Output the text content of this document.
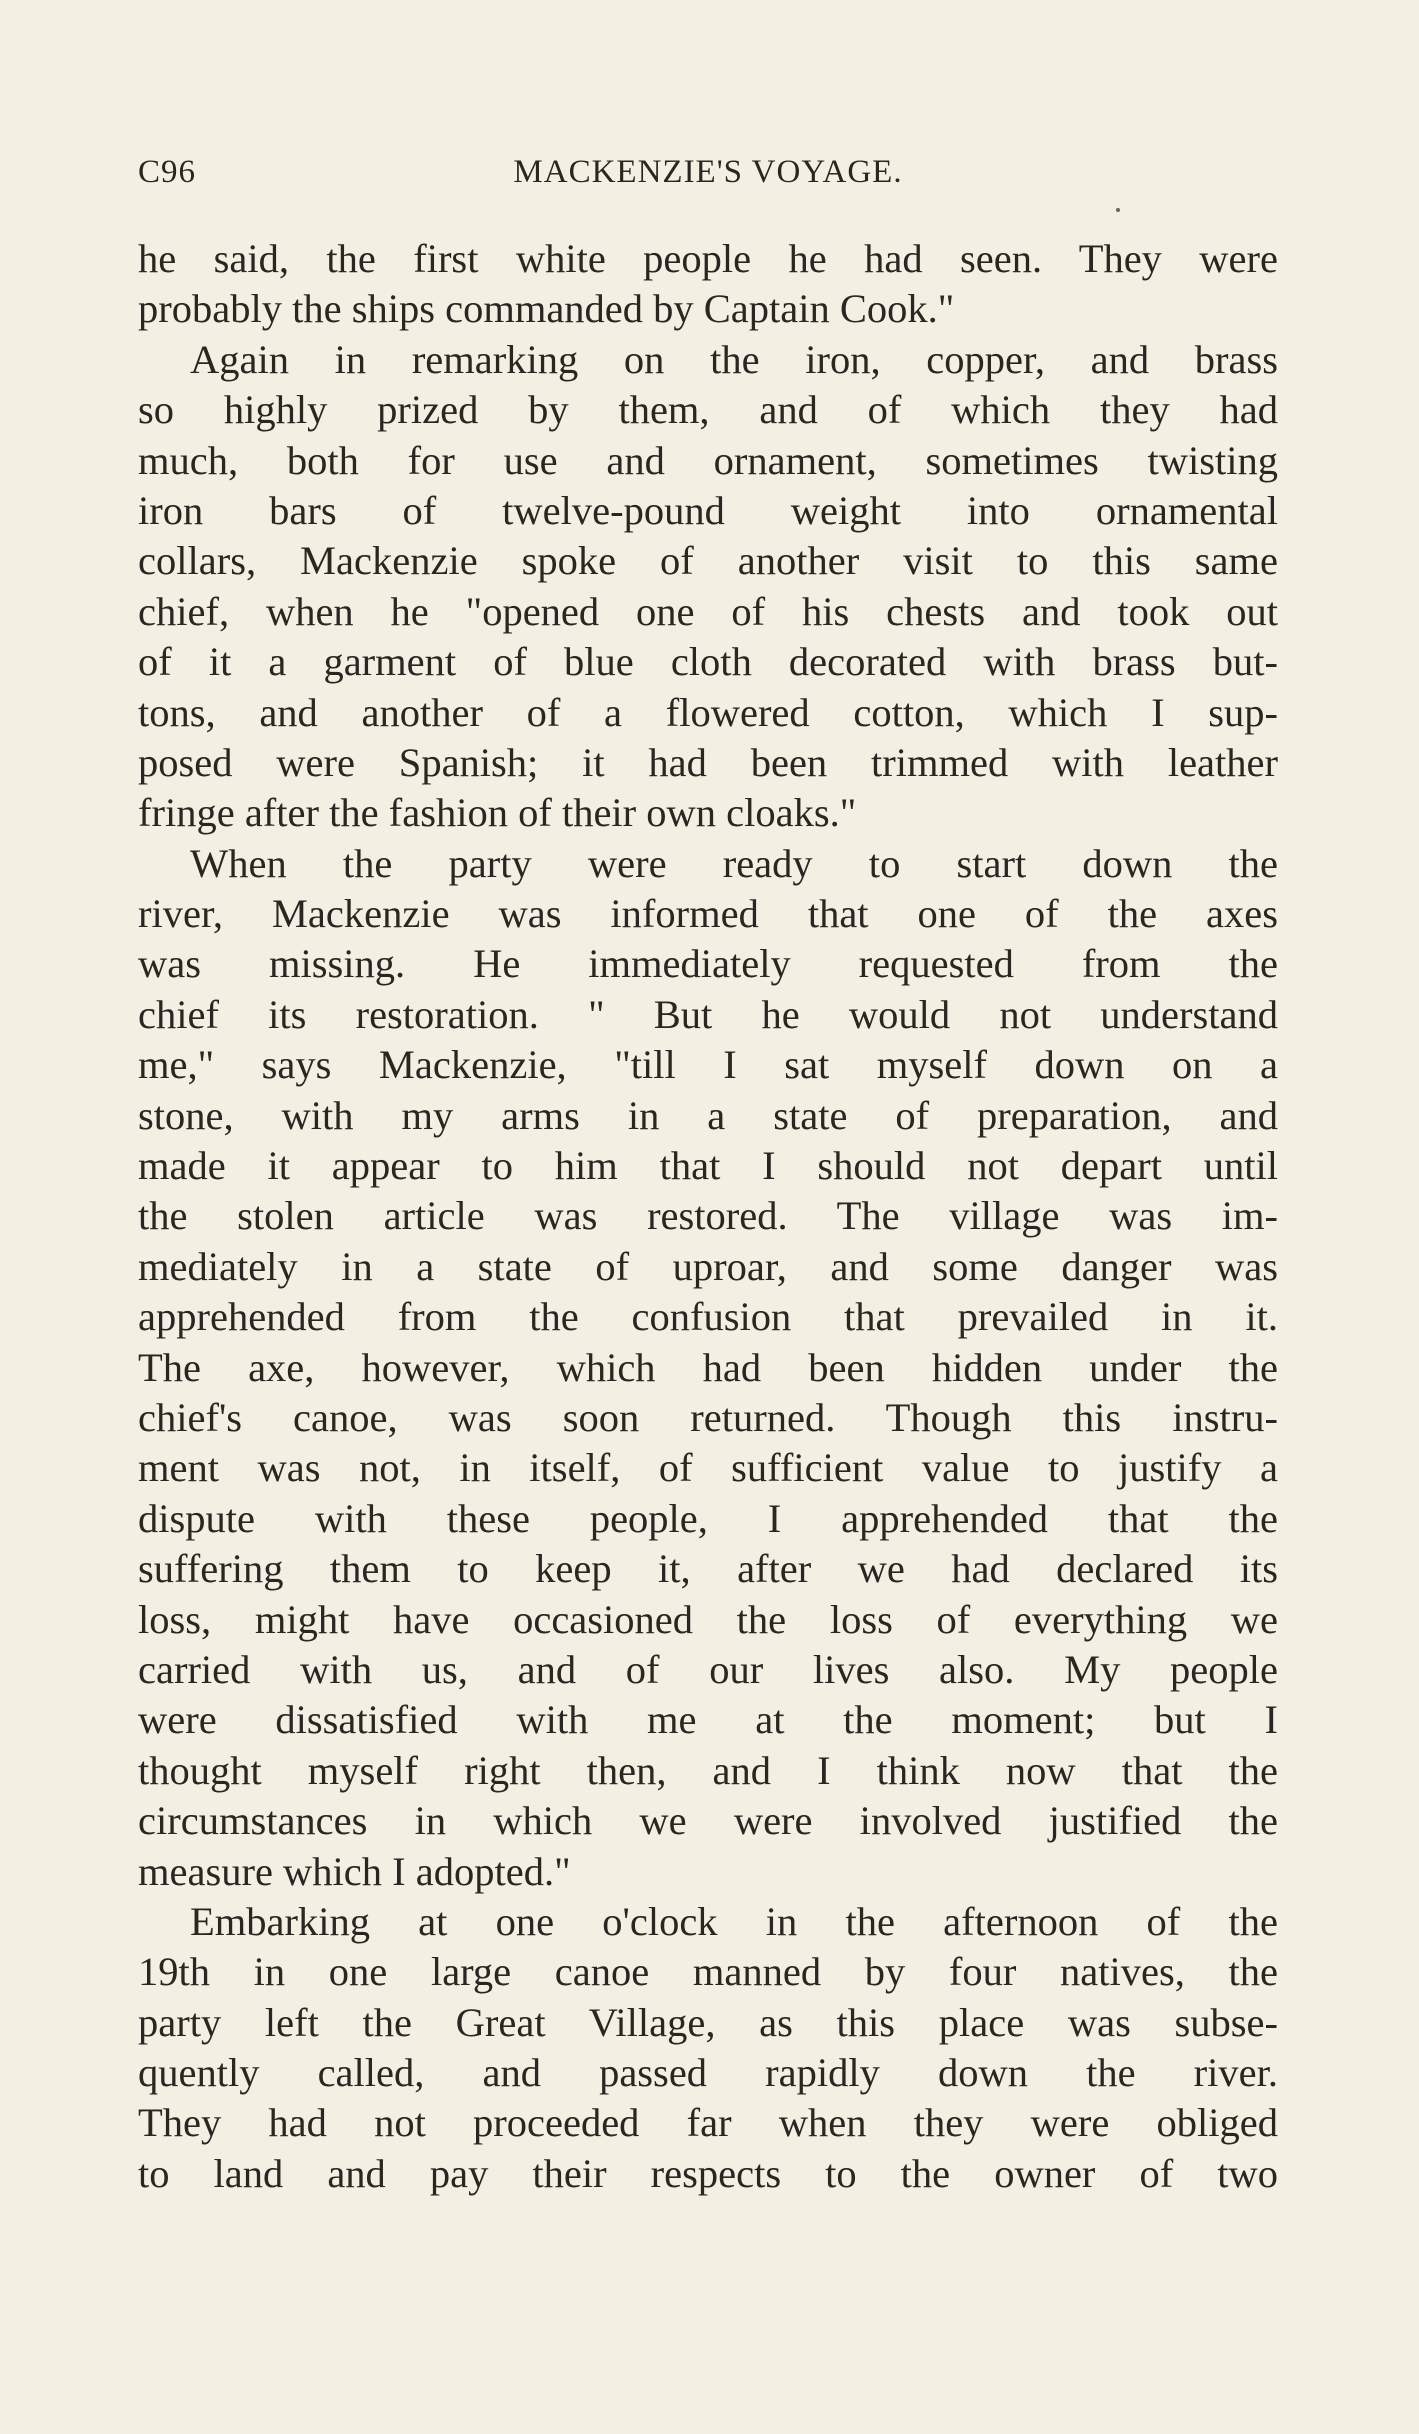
C96	MACKENZIE'S VOYAGE.
he said, the first white people he had seen. They were
probably the ships commanded by Captain Cook."
Again in remarking on the iron, copper, and brass
so highly prized by them, and of which they had
much, both for use and ornament, sometimes twisting
iron bars of twelve-pound weight into ornamental
collars, Mackenzie spoke of another visit to this same
chief, when he "opened one of his chests and took out
of it a garment of blue cloth decorated with brass but-
tons, and another of a flowered cotton, which I sup-
posed were Spanish; it had been trimmed with leather
fringe after the fashion of their own cloaks."
When the party were ready to start down the
river, Mackenzie was informed that one of the axes
was missing. He immediately requested from the
chief its restoration. " But he would not understand
me," says Mackenzie, "till I sat myself down on a
stone, with my arms in a state of preparation, and
made it appear to him that I should not depart until
the stolen article was restored. The village was im-
mediately in a state of uproar, and some danger was
apprehended from the confusion that prevailed in it.
The axe, however, which had been hidden under the
chief's canoe, was soon returned. Though this instru-
ment was not, in itself, of sufficient value to justify a
dispute with these people, I apprehended that the
suffering them to keep it, after we had declared its
loss, might have occasioned the loss of everything we
carried with us, and of our lives also. My people
were dissatisfied with me at the moment; but I
thought myself right then, and I think now that the
circumstances in which we were involved justified the
measure which I adopted."
Embarking at one o'clock in the afternoon of the
19th in one large canoe manned by four natives, the
party left the Great Village, as this place was subse-
quently called, and passed rapidly down the river.
They had not proceeded far when they were obliged
to land and pay their respects to the owner of two
